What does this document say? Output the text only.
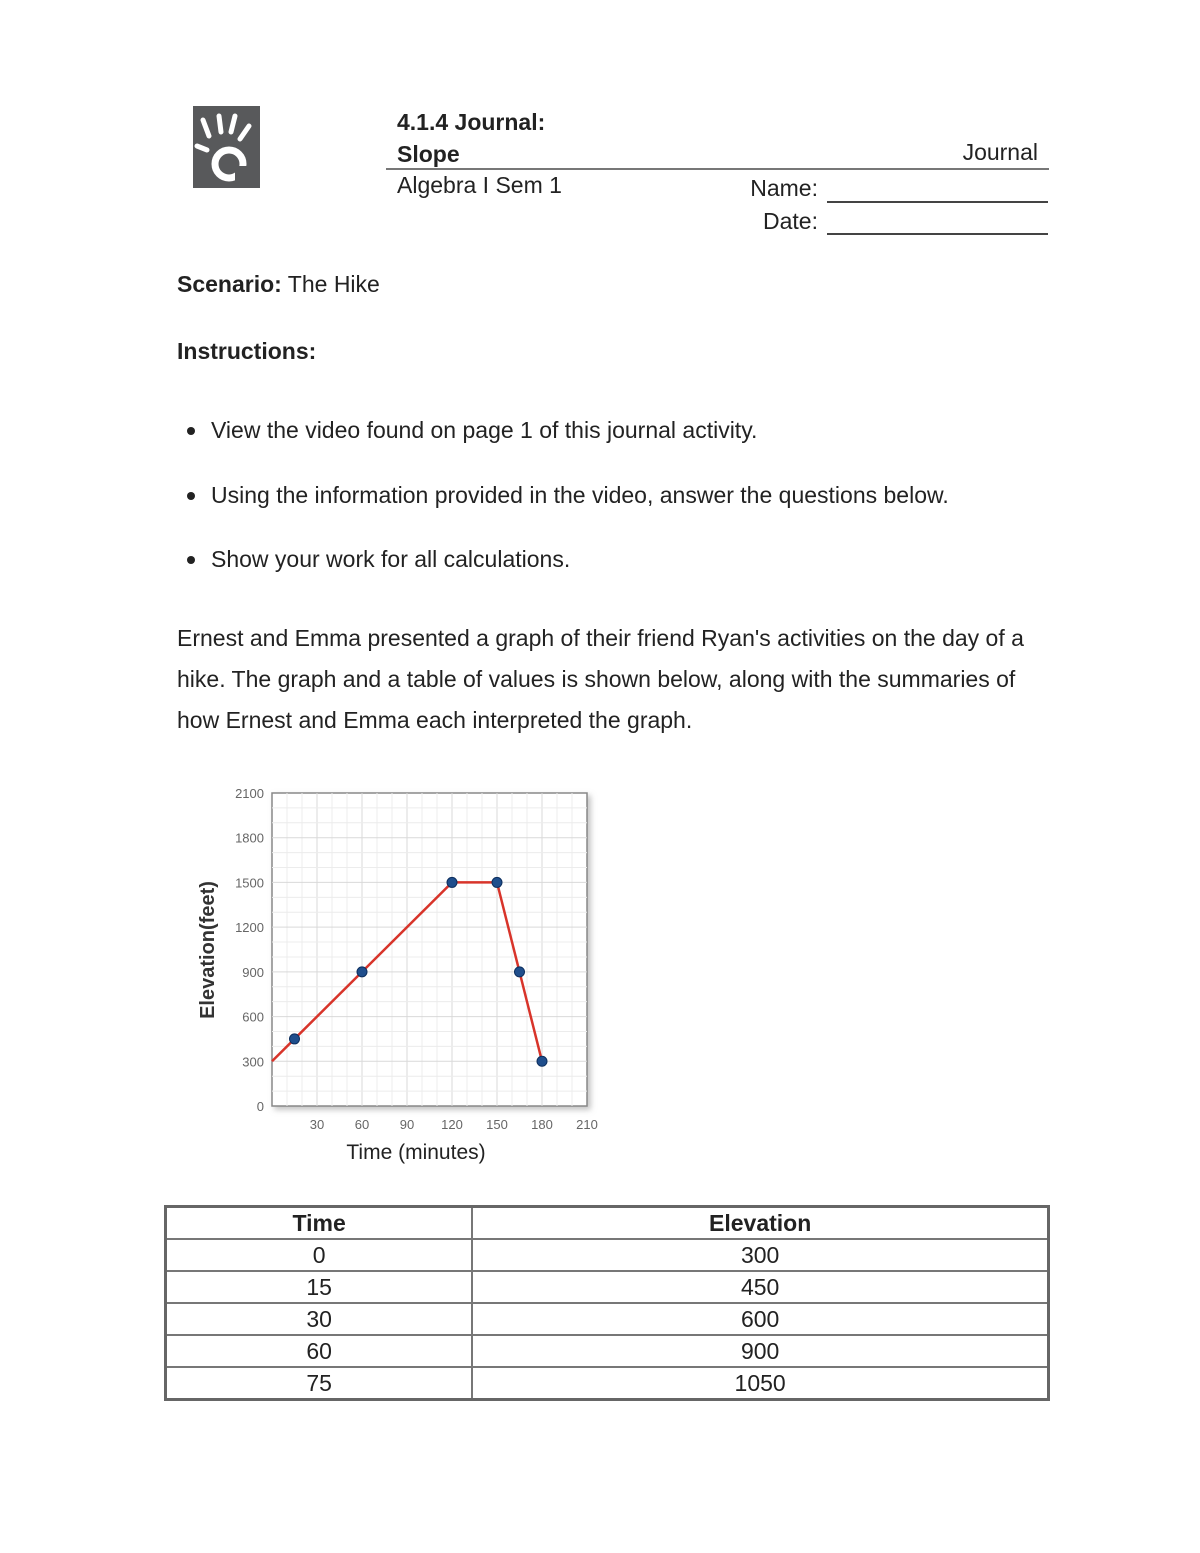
4.1.4 Journal:
Slope	Journal
Algebra I Sem 1	Name:
Date:
Scenario: The Hike
Instructions:
View the video found on page 1 of this journal activity.
Using the information provided in the video, answer the questions below.
Show your work for all calculations.
Ernest and Emma presented a graph of their friend Ryan's activities on the day of a hike. The graph and a table of values is shown below, along with the summaries of how Ernest and Emma each interpreted the graph.
0
300
600
900
1200
1500
1800
2100
30 60 90 120 150 180 210
Time (minutes)
Elevation(feet)
Time	Elevation
0	300
15	450
30	600
60	900
75	1050
